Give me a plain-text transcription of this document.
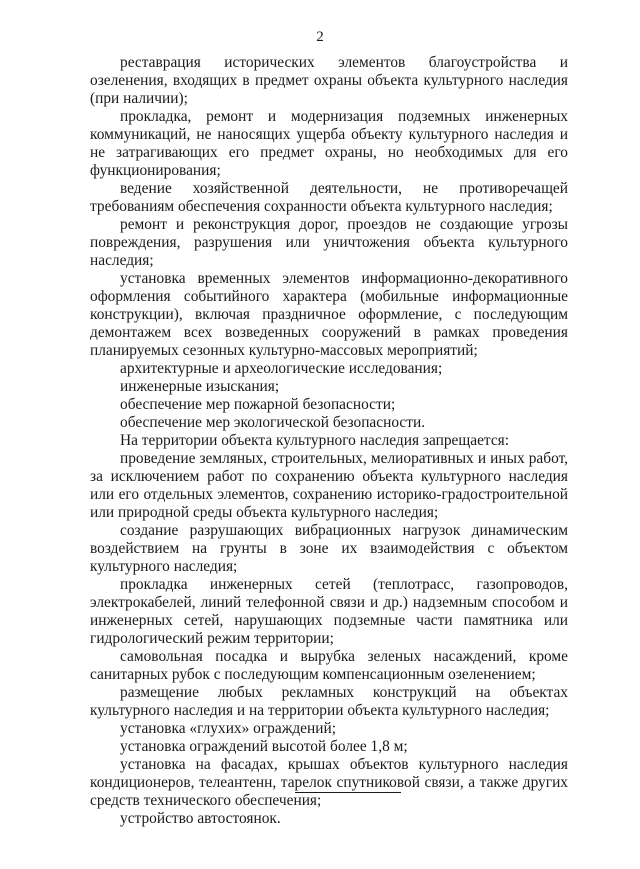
2

реставрация исторических элементов благоустройства и озеленения, входящих в предмет охраны объекта культурного наследия (при наличии);

прокладка, ремонт и модернизация подземных инженерных коммуникаций, не наносящих ущерба объекту культурного наследия и не затрагивающих его предмет охраны, но необходимых для его функционирования;

ведение хозяйственной деятельности, не противоречащей требованиям обеспечения сохранности объекта культурного наследия;

ремонт и реконструкция дорог, проездов не создающие угрозы повреждения, разрушения или уничтожения объекта культурного наследия;

установка временных элементов информационно-декоративного оформления событийного характера (мобильные информационные конструкции), включая праздничное оформление, с последующим демонтажем всех возведенных сооружений в рамках проведения планируемых сезонных культурно-массовых мероприятий;

архитектурные и археологические исследования;

инженерные изыскания;

обеспечение мер пожарной безопасности;

обеспечение мер экологической безопасности.

На территории объекта культурного наследия запрещается:

проведение земляных, строительных, мелиоративных и иных работ, за исключением работ по сохранению объекта культурного наследия или его отдельных элементов, сохранению историко-градостроительной или природной среды объекта культурного наследия;

создание разрушающих вибрационных нагрузок динамическим воздействием на грунты в зоне их взаимодействия с объектом культурного наследия;

прокладка инженерных сетей (теплотрасс, газопроводов, электрокабелей, линий телефонной связи и др.) надземным способом и инженерных сетей, нарушающих подземные части памятника или гидрологический режим территории;

самовольная посадка и вырубка зеленых насаждений, кроме санитарных рубок с последующим компенсационным озеленением;

размещение любых рекламных конструкций на объектах культурного наследия и на территории объекта культурного наследия;

установка «глухих» ограждений;

установка ограждений высотой более 1,8 м;

установка на фасадах, крышах объектов культурного наследия кондиционеров, телеантенн, тарелок спутниковой связи, а также других средств технического обеспечения;

устройство автостоянок.
